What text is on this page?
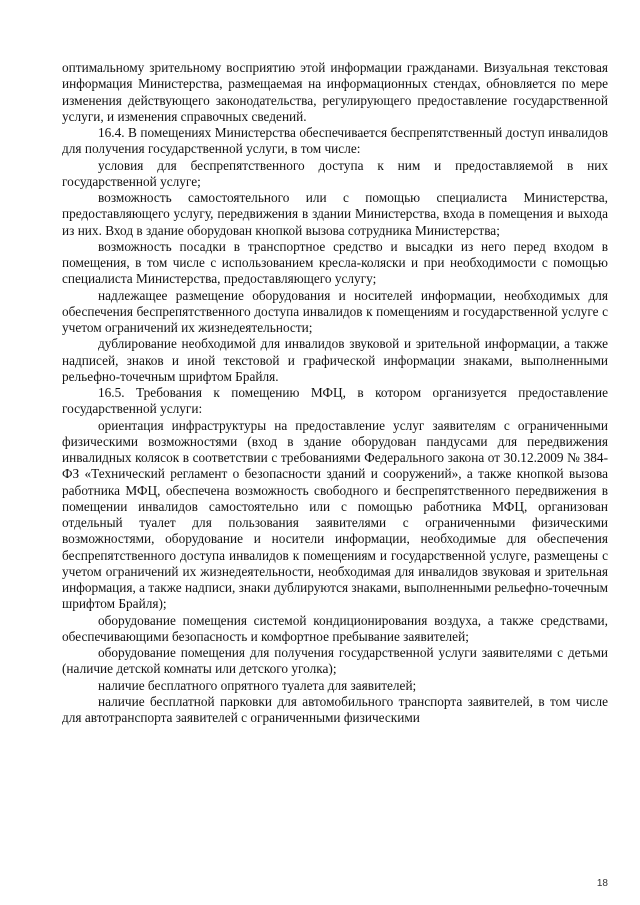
оптимальному зрительному восприятию этой информации гражданами. Визуальная текстовая информация Министерства, размещаемая на информационных стендах, обновляется по мере изменения действующего законодательства, регулирующего предоставление государственной услуги, и изменения справочных сведений.

16.4. В помещениях Министерства обеспечивается беспрепятственный доступ инвалидов для получения государственной услуги, в том числе:

условия для беспрепятственного доступа к ним и предоставляемой в них государственной услуге;

возможность самостоятельного или с помощью специалиста Министерства, предоставляющего услугу, передвижения в здании Министерства, входа в помещения и выхода из них. Вход в здание оборудован кнопкой вызова сотрудника Министерства;

возможность посадки в транспортное средство и высадки из него перед входом в помещения, в том числе с использованием кресла-коляски и при необходимости с помощью специалиста Министерства, предоставляющего услугу;

надлежащее размещение оборудования и носителей информации, необходимых для обеспечения беспрепятственного доступа инвалидов к помещениям и государственной услуге с учетом ограничений их жизнедеятельности;

дублирование необходимой для инвалидов звуковой и зрительной информации, а также надписей, знаков и иной текстовой и графической информации знаками, выполненными рельефно-точечным шрифтом Брайля.

16.5. Требования к помещению МФЦ, в котором организуется предоставление государственной услуги:

ориентация инфраструктуры на предоставление услуг заявителям с ограниченными физическими возможностями (вход в здание оборудован пандусами для передвижения инвалидных колясок в соответствии с требованиями Федерального закона от 30.12.2009 № 384-ФЗ «Технический регламент о безопасности зданий и сооружений», а также кнопкой вызова работника МФЦ, обеспечена возможность свободного и беспрепятственного передвижения в помещении инвалидов самостоятельно или с помощью работника МФЦ, организован отдельный туалет для пользования заявителями с ограниченными физическими возможностями, оборудование и носители информации, необходимые для обеспечения беспрепятственного доступа инвалидов к помещениям и государственной услуге, размещены с учетом ограничений их жизнедеятельности, необходимая для инвалидов звуковая и зрительная информация, а также надписи, знаки дублируются знаками, выполненными рельефно-точечным шрифтом Брайля);

оборудование помещения системой кондиционирования воздуха, а также средствами, обеспечивающими безопасность и комфортное пребывание заявителей;

оборудование помещения для получения государственной услуги заявителями с детьми (наличие детской комнаты или детского уголка);

наличие бесплатного опрятного туалета для заявителей;

наличие бесплатной парковки для автомобильного транспорта заявителей, в том числе для автотранспорта заявителей с ограниченными физическими

18
